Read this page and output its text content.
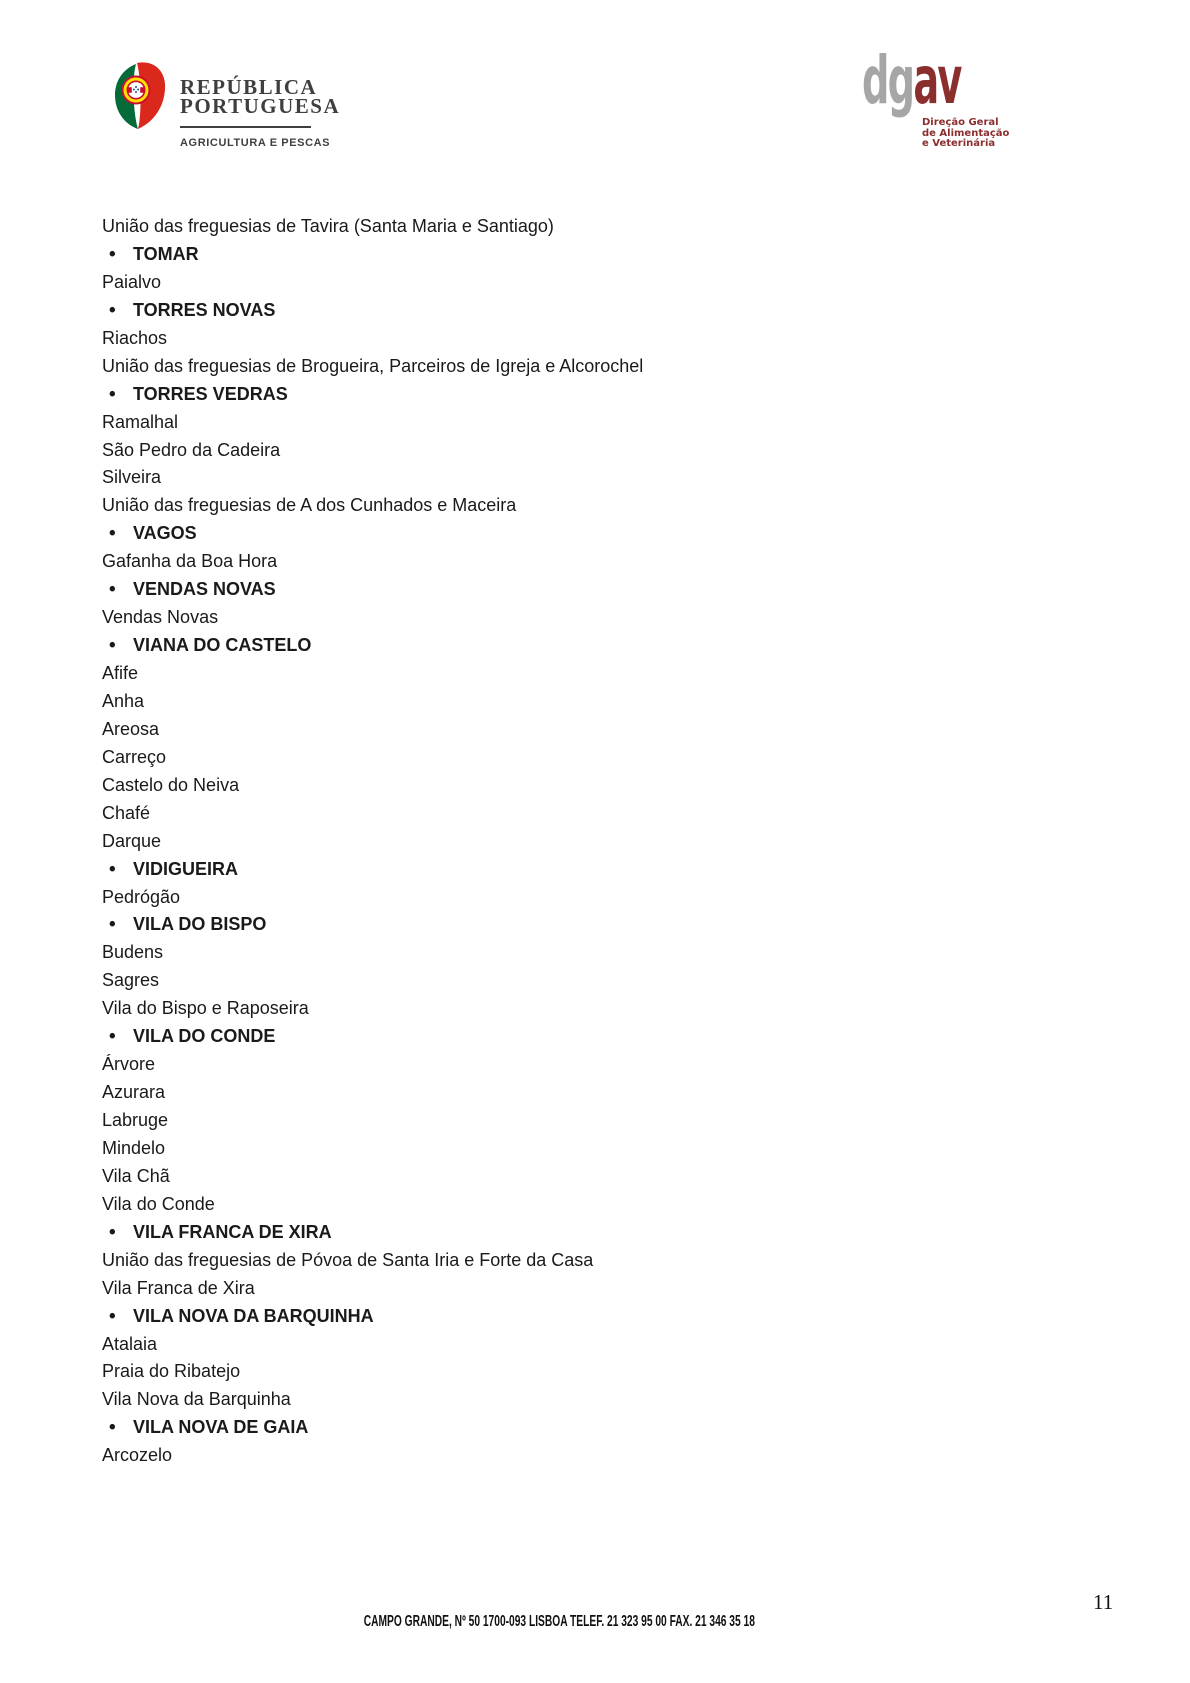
REPÚBLICA
PORTUGUESA
AGRICULTURA E PESCAS
dgav
Direção Geral
de Alimentação
e Veterinária
União das freguesias de Tavira (Santa Maria e Santiago)
• TOMAR
Paialvo
• TORRES NOVAS
Riachos
União das freguesias de Brogueira, Parceiros de Igreja e Alcorochel
• TORRES VEDRAS
Ramalhal
São Pedro da Cadeira
Silveira
União das freguesias de A dos Cunhados e Maceira
• VAGOS
Gafanha da Boa Hora
• VENDAS NOVAS
Vendas Novas
• VIANA DO CASTELO
Afife
Anha
Areosa
Carreço
Castelo do Neiva
Chafé
Darque
• VIDIGUEIRA
Pedrógão
• VILA DO BISPO
Budens
Sagres
Vila do Bispo e Raposeira
• VILA DO CONDE
Árvore
Azurara
Labruge
Mindelo
Vila Chã
Vila do Conde
• VILA FRANCA DE XIRA
União das freguesias de Póvoa de Santa Iria e Forte da Casa
Vila Franca de Xira
• VILA NOVA DA BARQUINHA
Atalaia
Praia do Ribatejo
Vila Nova da Barquinha
• VILA NOVA DE GAIA
Arcozelo
CAMPO GRANDE, Nº 50 1700-093 LISBOA TELEF. 21 323 95 00 FAX. 21 346 35 18
11
